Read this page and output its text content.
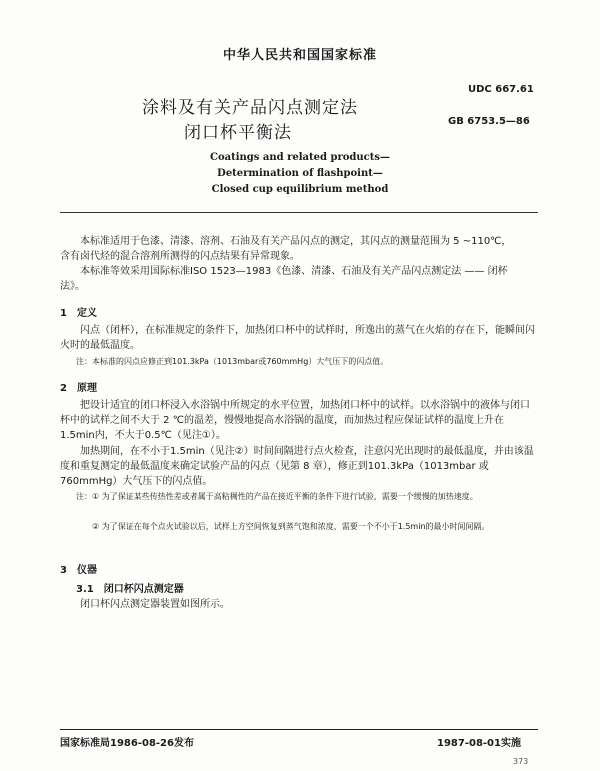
中华人民共和国国家标准
涂料及有关产品闪点测定法
闭口杯平衡法
UDC 667.61
GB 6753.5—86
Coatings and related products—
Determination of flashpoint—
Closed cup equilibrium method
本标准适用于色漆、清漆、溶剂、石油及有关产品闪点的测定，其闪点的测量范围为 5 ~110℃，
含有卤代烃的混合溶剂所测得的闪点结果有异常现象。
本标准等效采用国际标准ISO 1523—1983《色漆、清漆、石油及有关产品闪点测定法 —— 闭杯
法》。
1　定义
闪点（闭杯），在标准规定的条件下，加热闭口杯中的试样时，所逸出的蒸气在火焰的存在下，能瞬间闪火时的最低温度。
注：本标准的闪点应修正到101.3kPa（1013mbar或760mmHg）大气压下的闪点值。
2　原理
把设计适宜的闭口杯浸入水浴锅中所规定的水平位置，加热闭口杯中的试样。以水浴锅中的液体与闭口杯中的试样之间不大于 2 ℃的温差，慢慢地提高水浴锅的温度，而加热过程应保证试样的温度上升在1.5min内，不大于0.5℃（见注①）。
加热期间，在不小于1.5min（见注②）时间间隔进行点火检查，注意闪光出现时的最低温度，并由该温度和重复测定的最低温度来确定试验产品的闪点（见第 8 章），修正到101.3kPa（1013mbar 或760mmHg）大气压下的闪点值。
注：① 为了保证某些传热性差或者属于高粘稠性的产品在接近平衡的条件下进行试验，需要一个缓慢的加热速度。
② 为了保证在每个点火试验以后，试样上方空间恢复到蒸气饱和浓度，需要一个不小于1.5min的最小时间间隔。
3　仪器
3.1　闭口杯闪点测定器
闭口杯闪点测定器装置如图所示。
国家标准局1986-08-26发布	1987-08-01实施
373
